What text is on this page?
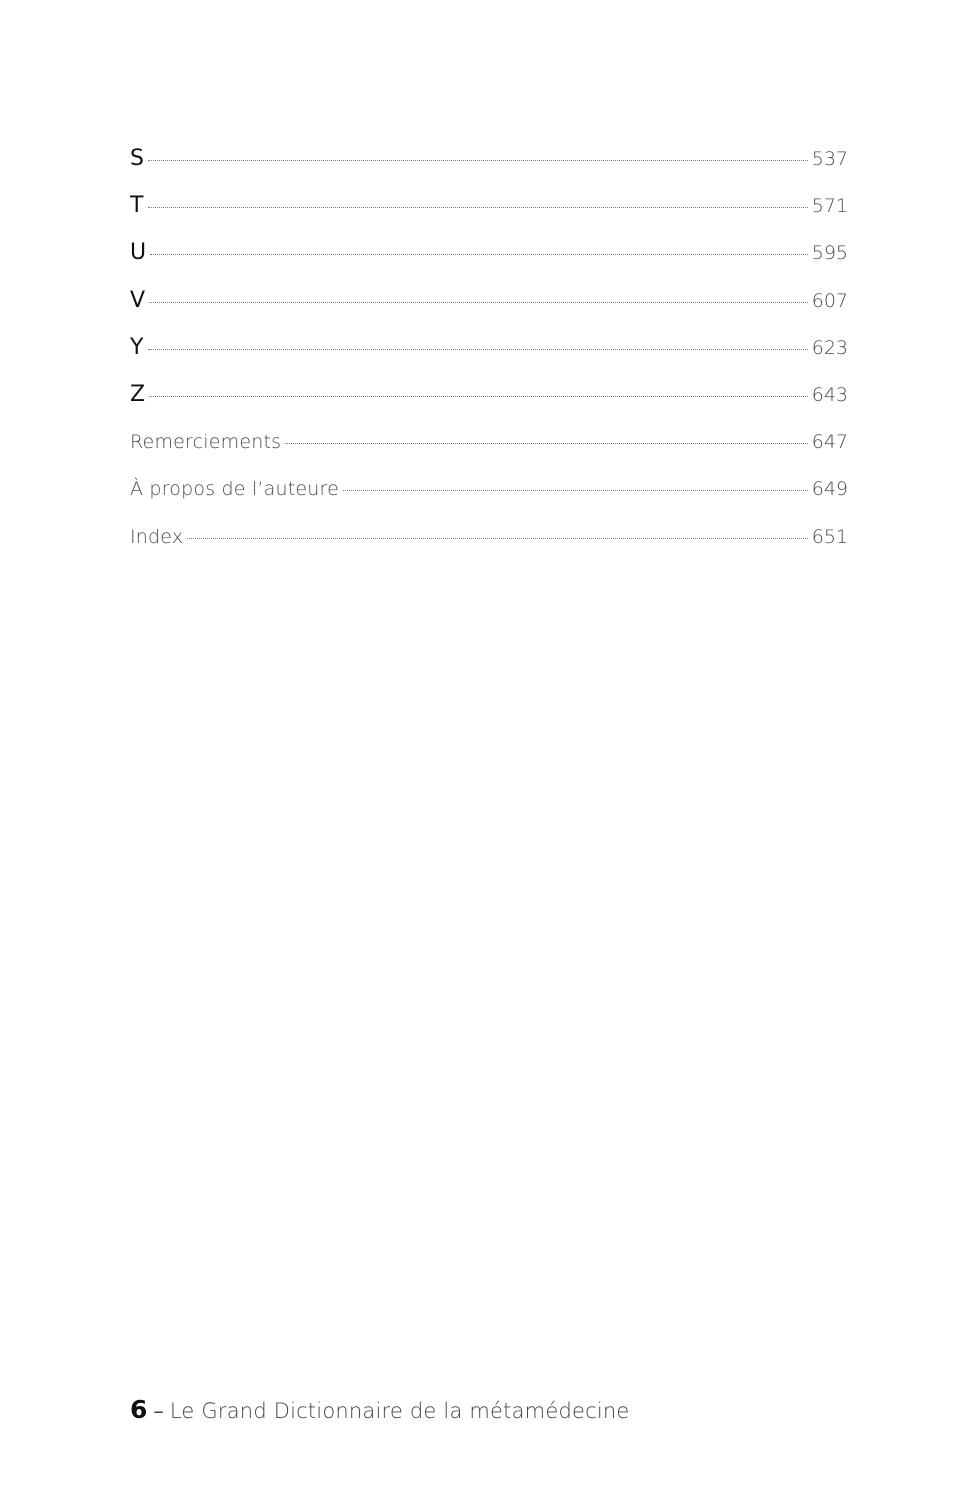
S	537
T	571
U	595
V	607
Y	623
Z	643
Remerciements	647
À propos de l’auteure	649
Index	651
6 – Le Grand Dictionnaire de la métamédecine
